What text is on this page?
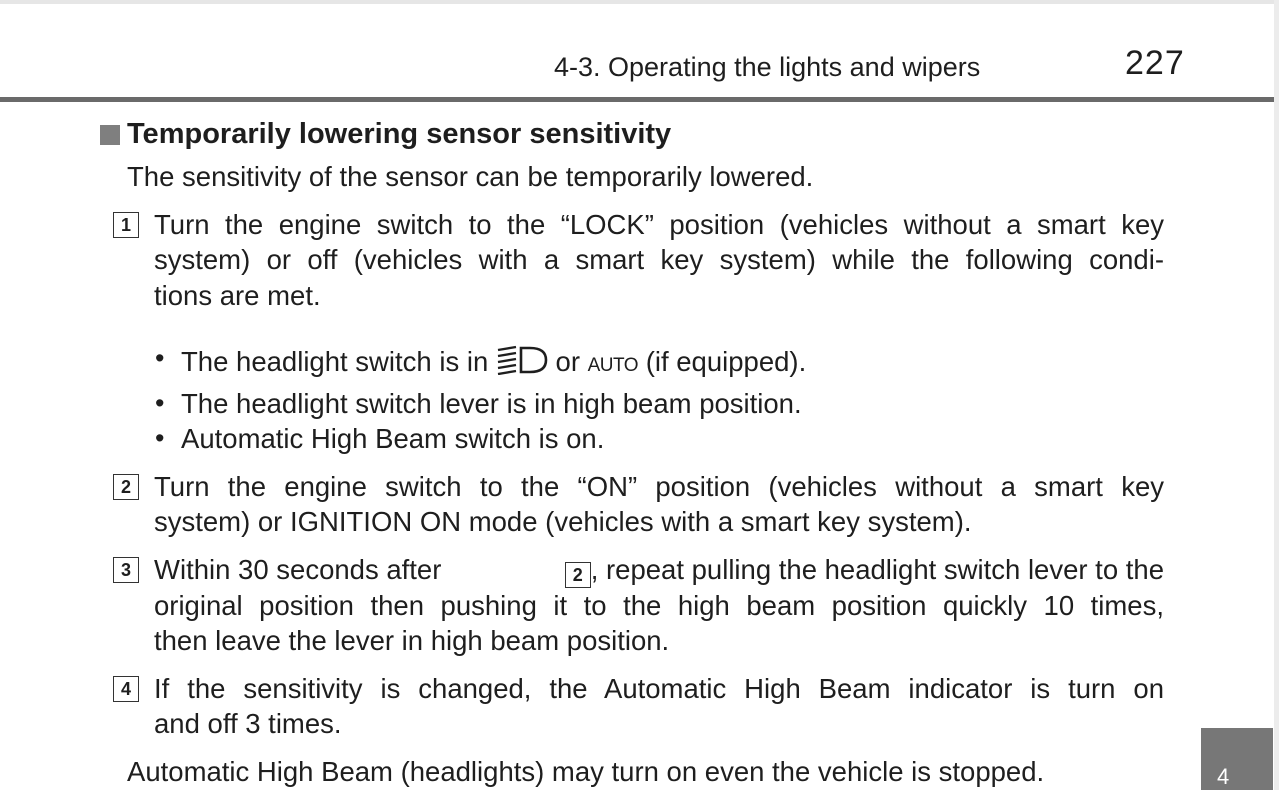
4-3. Operating the lights and wipers	227
Temporarily lowering sensor sensitivity
The sensitivity of the sensor can be temporarily lowered.
1 Turn the engine switch to the “LOCK” position (vehicles without a smart key
system) or off (vehicles with a smart key system) while the following condi-
tions are met.
• The headlight switch is in or AUTO (if equipped).
• The headlight switch lever is in high beam position.
• Automatic High Beam switch is on.
2 Turn the engine switch to the “ON” position (vehicles without a smart key
system) or IGNITION ON mode (vehicles with a smart key system).
3 Within 30 seconds after	2 , repeat pulling the headlight switch lever to the
original position then pushing it to the high beam position quickly 10 times,
then leave the lever in high beam position.
4 If the sensitivity is changed, the Automatic High Beam indicator is turn on
and off 3 times.
Automatic High Beam (headlights) may turn on even the vehicle is stopped.	4
